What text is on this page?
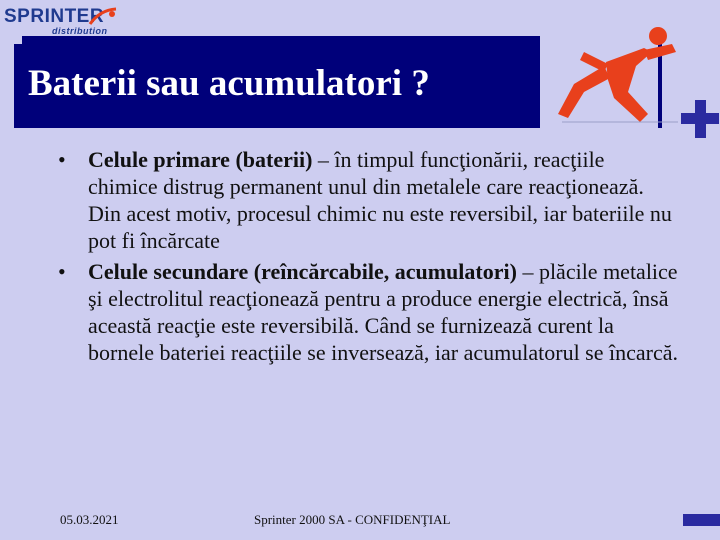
SPRINTER
distribution
Baterii sau acumulatori ?
• Celule primare (baterii) – în timpul funcţionării, reacţiile chimice distrug permanent unul din metalele care reacţionează. Din acest motiv, procesul chimic nu este reversibil, iar bateriile nu pot fi încărcate
• Celule secundare (reîncărcabile, acumulatori) – plăcile metalice şi electrolitul reacţionează pentru a produce energie electrică, însă această reacţie este reversibilă. Când se furnizează curent la bornele bateriei reacţiile se inversează, iar acumulatorul se încarcă.
05.03.2021	Sprinter 2000 SA - CONFIDENŢIAL
